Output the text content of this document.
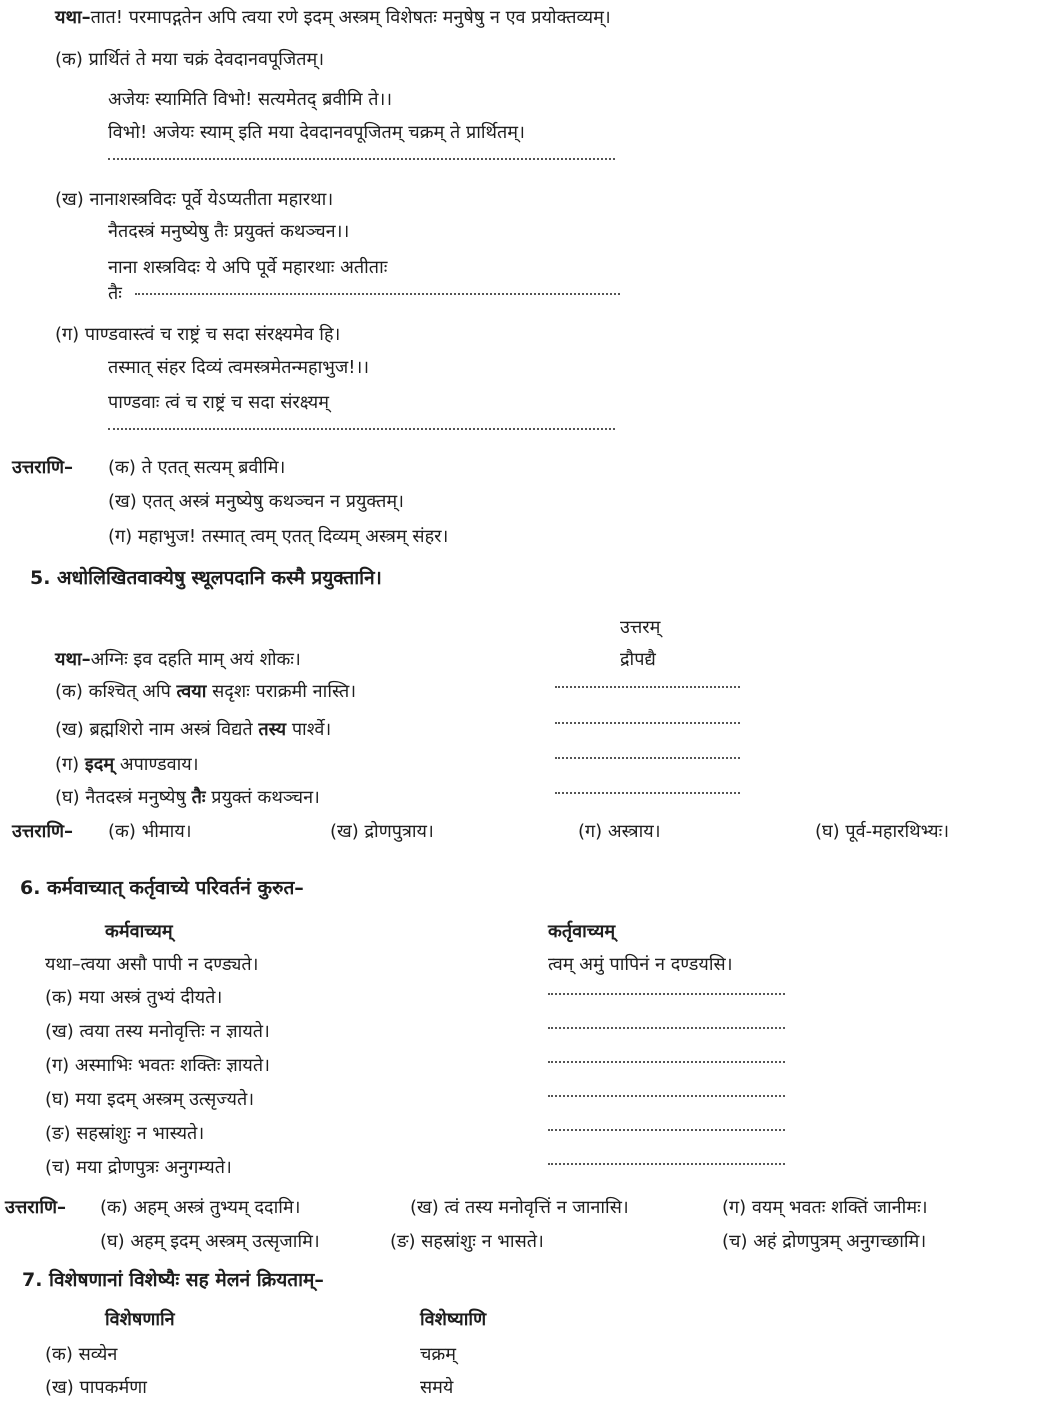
यथा–तात! परमापद्गतेन अपि त्वया रणे इदम् अस्त्रम् विशेषतः मनुषेषु न एव प्रयोक्तव्यम्।
(क) प्रार्थितं ते मया चक्रं देवदानवपूजितम्।
अजेयः स्यामिति विभो! सत्यमेतद् ब्रवीमि ते।।
विभो! अजेयः स्याम् इति मया देवदानवपूजितम् चक्रम् ते प्रार्थितम्।
(ख) नानाशस्त्रविदः पूर्वे येऽप्यतीता महारथा।
नैतदस्त्रं मनुष्येषु तैः प्रयुक्तं कथञ्चन।।
नाना शस्त्रविदः ये अपि पूर्वे महारथाः अतीताः
तैः
(ग) पाण्डवास्त्वं च राष्ट्रं च सदा संरक्ष्यमेव हि।
तस्मात् संहर दिव्यं त्वमस्त्रमेतन्महाभुज!।।
पाण्डवाः त्वं च राष्ट्रं च सदा संरक्ष्यम्
उत्तराणि– (क) ते एतत् सत्यम् ब्रवीमि।
(ख) एतत् अस्त्रं मनुष्येषु कथञ्चन न प्रयुक्तम्।
(ग) महाभुज! तस्मात् त्वम् एतत् दिव्यम् अस्त्रम् संहर।
5. अधोलिखितवाक्येषु स्थूलपदानि कस्मै प्रयुक्तानि।
उत्तरम्
यथा–अग्निः इव दहति माम् अयं शोकः।	द्रौपद्यै
(क) कश्चित् अपि त्वया सदृशः पराक्रमी नास्ति।
(ख) ब्रह्मशिरो नाम अस्त्रं विद्यते तस्य पार्श्वे।
(ग) इदम् अपाण्डवाय।
(घ) नैतदस्त्रं मनुष्येषु तैः प्रयुक्तं कथञ्चन।
उत्तराणि– (क) भीमाय।	(ख) द्रोणपुत्राय।	(ग) अस्त्राय।	(घ) पूर्व-महारथिभ्यः।
6. कर्मवाच्यात् कर्तृवाच्ये परिवर्तनं कुरुत–
कर्मवाच्यम्	कर्तृवाच्यम्
यथा–त्वया असौ पापी न दण्ड्यते।	त्वम् अमुं पापिनं न दण्डयसि।
(क) मया अस्त्रं तुभ्यं दीयते।
(ख) त्वया तस्य मनोवृत्तिः न ज्ञायते।
(ग) अस्माभिः भवतः शक्तिः ज्ञायते।
(घ) मया इदम् अस्त्रम् उत्सृज्यते।
(ङ) सहस्रांशुः न भास्यते।
(च) मया द्रोणपुत्रः अनुगम्यते।
उत्तराणि– (क) अहम् अस्त्रं तुभ्यम् ददामि।	(ख) त्वं तस्य मनोवृत्तिं न जानासि।	(ग) वयम् भवतः शक्तिं जानीमः।
(घ) अहम् इदम् अस्त्रम् उत्सृजामि।	(ङ) सहस्रांशुः न भासते।	(च) अहं द्रोणपुत्रम् अनुगच्छामि।
7. विशेषणानां विशेष्यैः सह मेलनं क्रियताम्–
विशेषणानि	विशेष्याणि
(क) सव्येन	चक्रम्
(ख) पापकर्मणा	समये
